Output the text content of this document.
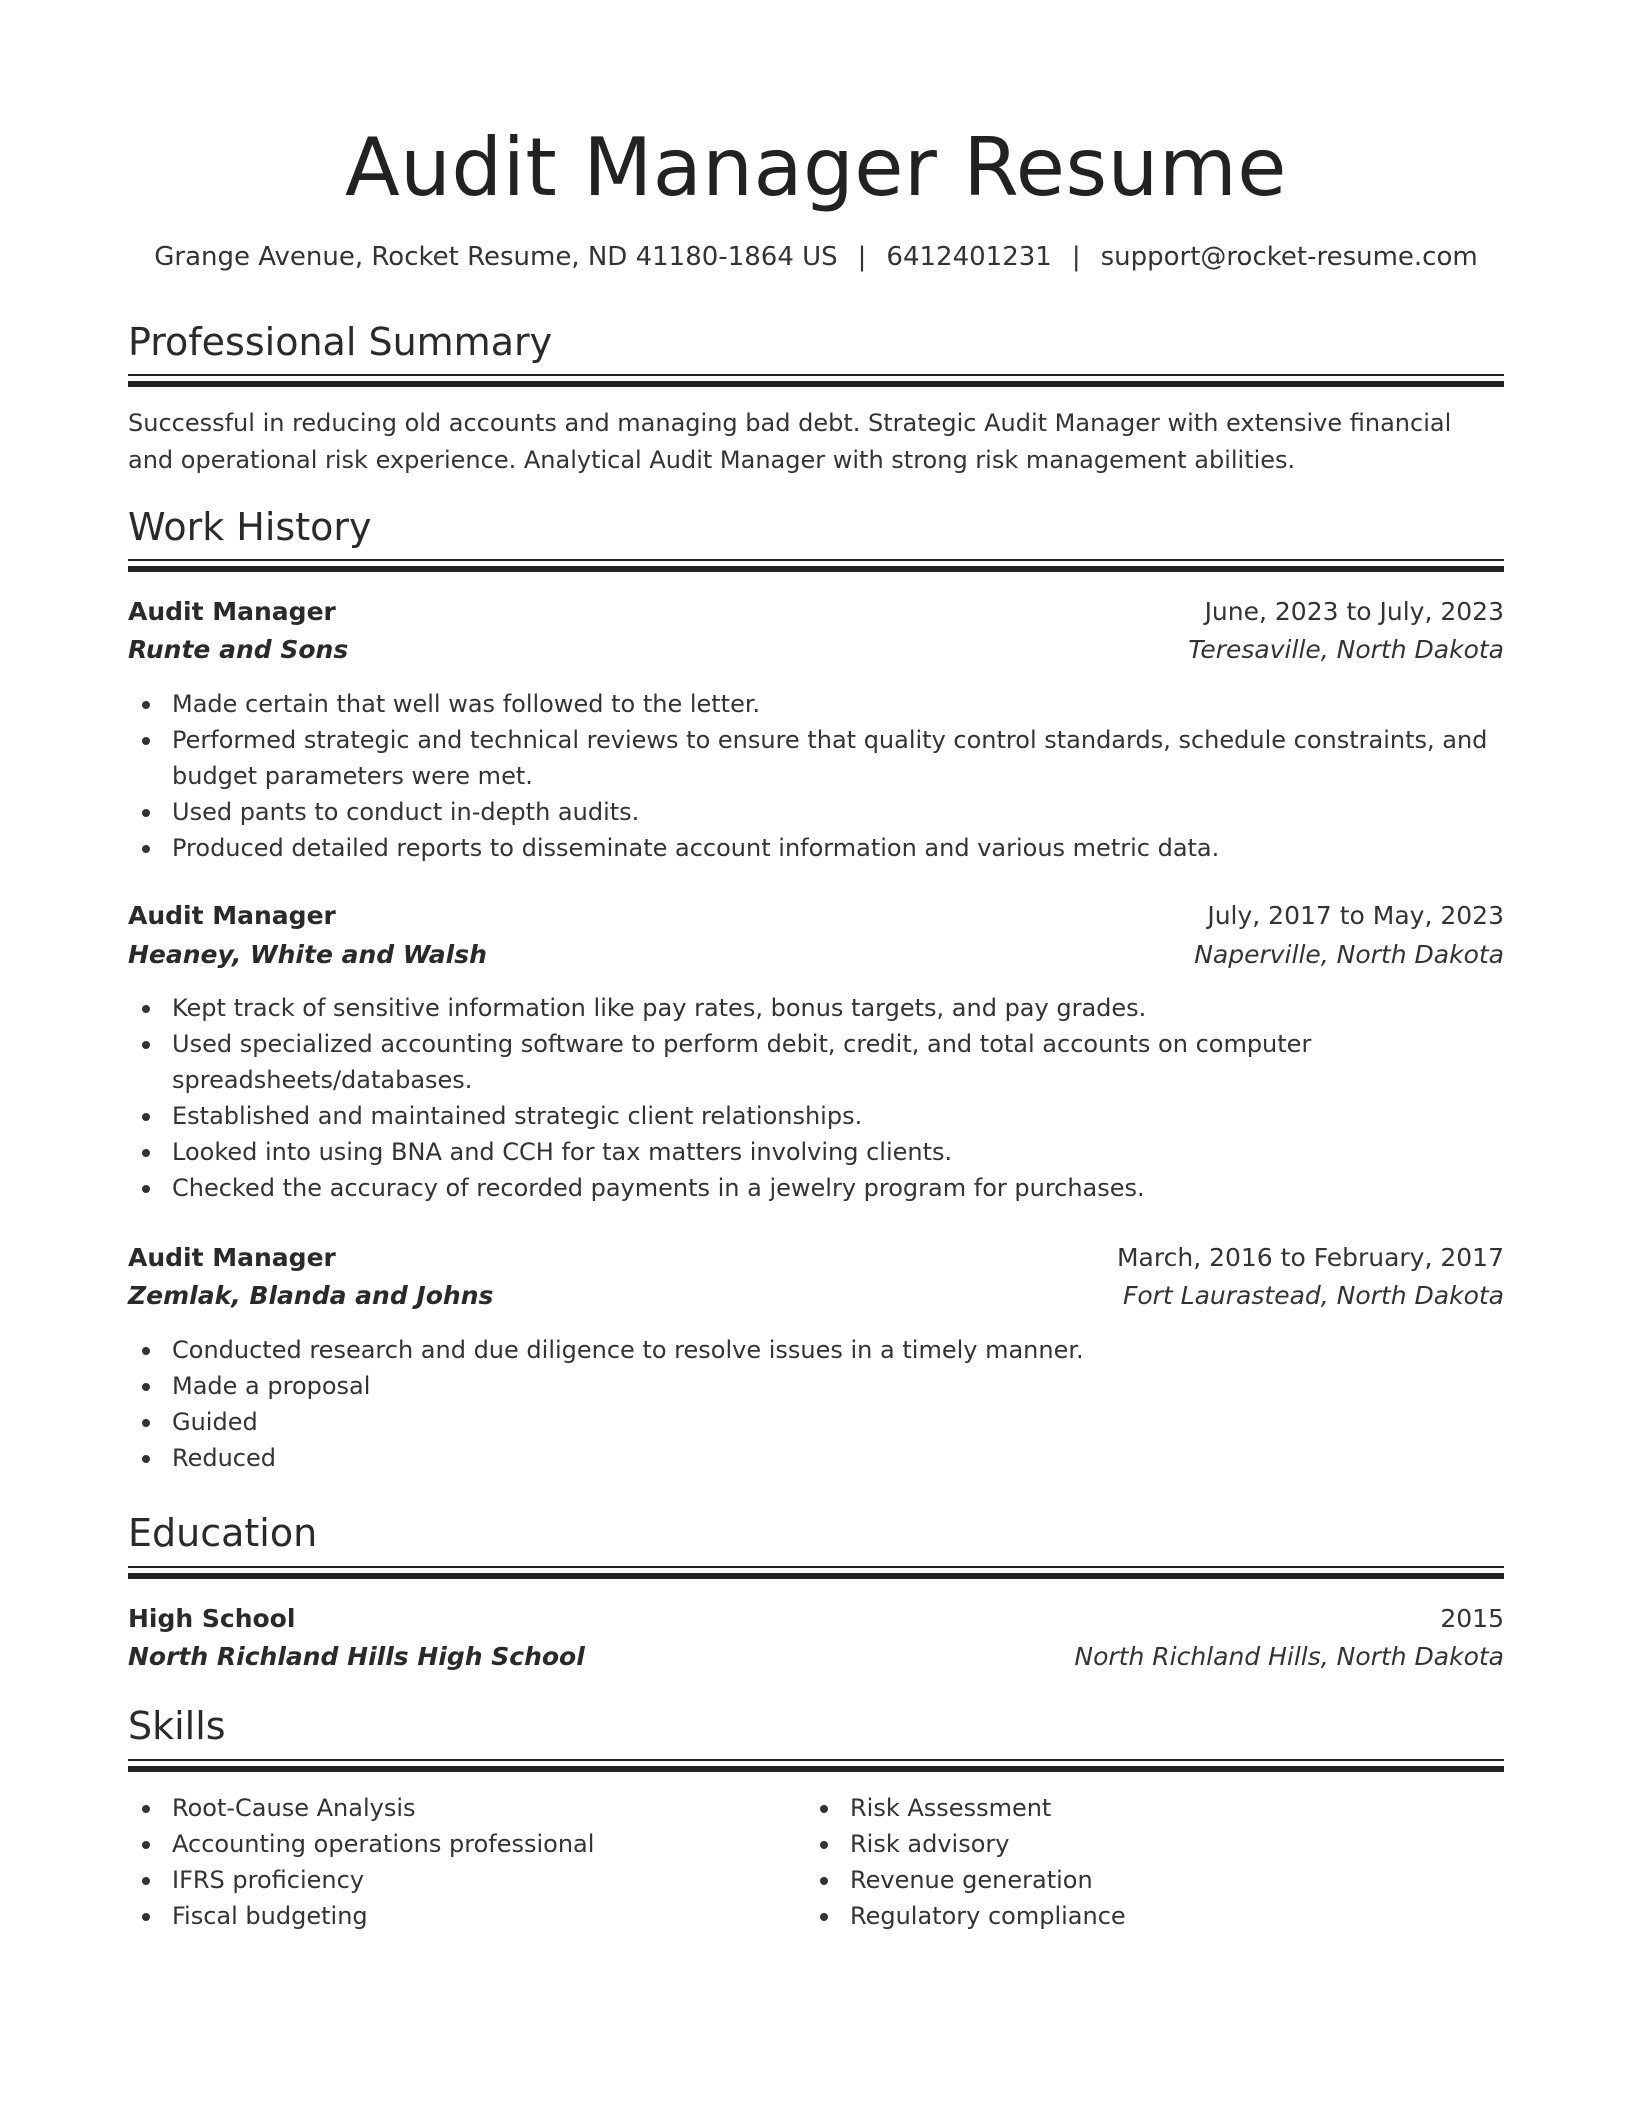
Audit Manager Resume
Grange Avenue, Rocket Resume, ND 41180-1864 US | 6412401231 | support@rocket-resume.com
Professional Summary
Successful in reducing old accounts and managing bad debt. Strategic Audit Manager with extensive financial and operational risk experience. Analytical Audit Manager with strong risk management abilities.
Work History
Audit Manager	June, 2023 to July, 2023
Runte and Sons	Teresaville, North Dakota
Made certain that well was followed to the letter.
Performed strategic and technical reviews to ensure that quality control standards, schedule constraints, and budget parameters were met.
Used pants to conduct in-depth audits.
Produced detailed reports to disseminate account information and various metric data.
Audit Manager	July, 2017 to May, 2023
Heaney, White and Walsh	Naperville, North Dakota
Kept track of sensitive information like pay rates, bonus targets, and pay grades.
Used specialized accounting software to perform debit, credit, and total accounts on computer spreadsheets/databases.
Established and maintained strategic client relationships.
Looked into using BNA and CCH for tax matters involving clients.
Checked the accuracy of recorded payments in a jewelry program for purchases.
Audit Manager	March, 2016 to February, 2017
Zemlak, Blanda and Johns	Fort Laurastead, North Dakota
Conducted research and due diligence to resolve issues in a timely manner.
Made a proposal
Guided
Reduced
Education
High School	2015
North Richland Hills High School	North Richland Hills, North Dakota
Skills
Root-Cause Analysis
Accounting operations professional
IFRS proficiency
Fiscal budgeting
Risk Assessment
Risk advisory
Revenue generation
Regulatory compliance
